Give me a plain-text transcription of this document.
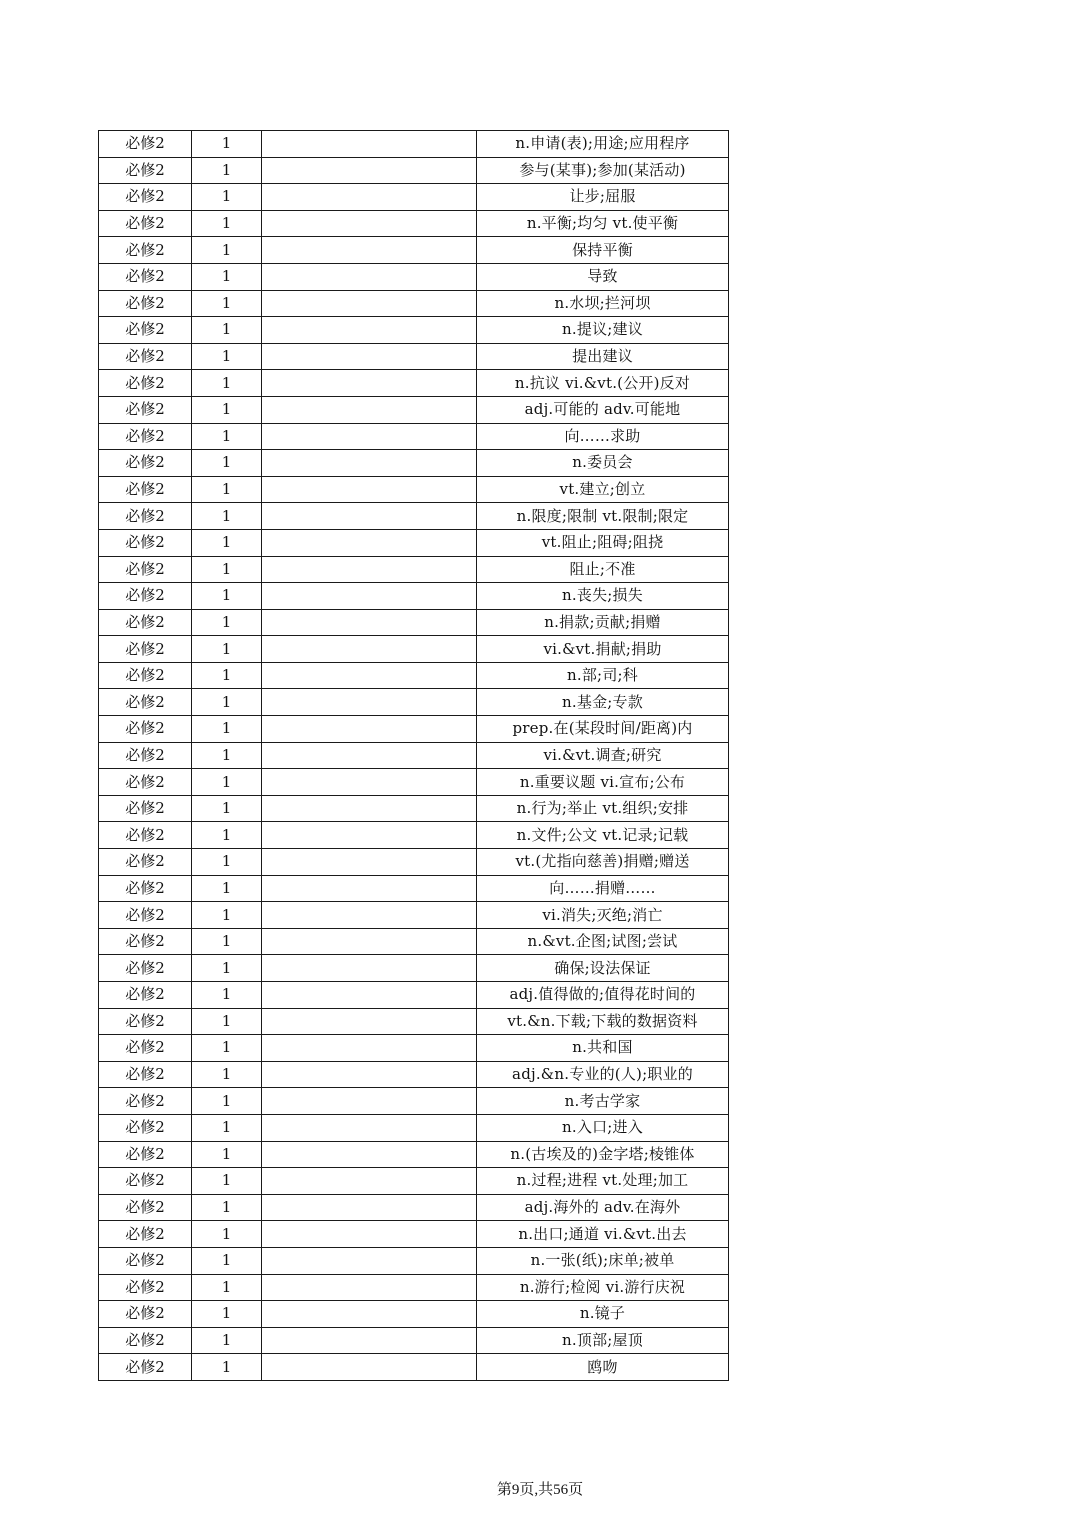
必修2	1		n.申请(表);用途;应用程序
必修2	1		参与(某事);参加(某活动)
必修2	1		让步;屈服
必修2	1		n.平衡;均匀 vt.使平衡
必修2	1		保持平衡
必修2	1		导致
必修2	1		n.水坝;拦河坝
必修2	1		n.提议;建议
必修2	1		提出建议
必修2	1		n.抗议 vi.&vt.(公开)反对
必修2	1		adj.可能的 adv.可能地
必修2	1		向……求助
必修2	1		n.委员会
必修2	1		vt.建立;创立
必修2	1		n.限度;限制 vt.限制;限定
必修2	1		vt.阻止;阻碍;阻挠
必修2	1		阻止;不准
必修2	1		n.丧失;损失
必修2	1		n.捐款;贡献;捐赠
必修2	1		vi.&vt.捐献;捐助
必修2	1		n.部;司;科
必修2	1		n.基金;专款
必修2	1		prep.在(某段时间/距离)内
必修2	1		vi.&vt.调查;研究
必修2	1		n.重要议题 vi.宣布;公布
必修2	1		n.行为;举止 vt.组织;安排
必修2	1		n.文件;公文 vt.记录;记载
必修2	1		vt.(尤指向慈善)捐赠;赠送
必修2	1		向……捐赠……
必修2	1		vi.消失;灭绝;消亡
必修2	1		n.&vt.企图;试图;尝试
必修2	1		确保;设法保证
必修2	1		adj.值得做的;值得花时间的
必修2	1		vt.&n.下载;下载的数据资料
必修2	1		n.共和国
必修2	1		adj.&n.专业的(人);职业的
必修2	1		n.考古学家
必修2	1		n.入口;进入
必修2	1		n.(古埃及的)金字塔;棱锥体
必修2	1		n.过程;进程 vt.处理;加工
必修2	1		adj.海外的 adv.在海外
必修2	1		n.出口;通道 vi.&vt.出去
必修2	1		n.一张(纸);床单;被单
必修2	1		n.游行;检阅 vi.游行庆祝
必修2	1		n.镜子
必修2	1		n.顶部;屋顶
必修2	1		鸥吻
第9页,共56页
